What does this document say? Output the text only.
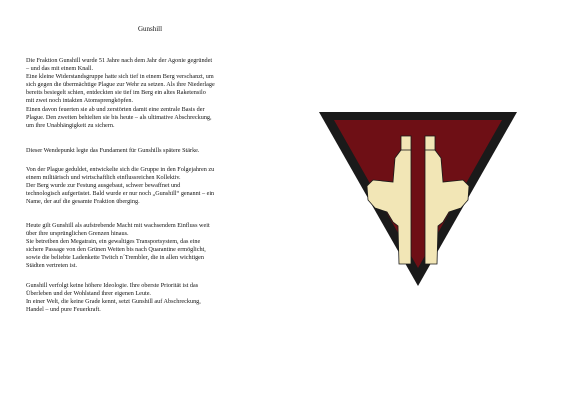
Gunshill
Die Fraktion Gunshill wurde 51 Jahre nach dem Jahr der Agonie gegründet
– und das mit einem Knall.
Eine kleine Widerstandsgruppe hatte sich tief in einem Berg verschanzt, um
sich gegen die übermächtige Plague zur Wehr zu setzen. Als ihre Niederlage
bereits besiegelt schien, entdeckten sie tief im Berg ein altes Raketensilo
mit zwei noch intakten Atomsprengköpfen.
Einen davon feuerten sie ab und zerstörten damit eine zentrale Basis der
Plague. Den zweiten behielten sie bis heute – als ultimative Abschreckung,
um ihre Unabhängigkeit zu sichern.
Dieser Wendepunkt legte das Fundament für Gunshills spätere Stärke.
Von der Plague geduldet, entwickelte sich die Gruppe in den Folgejahren zu
einem militärisch und wirtschaftlich einflussreichen Kollektiv.
Der Berg wurde zur Festung ausgebaut, schwer bewaffnet und
technologisch aufgerüstet. Bald wurde er nur noch „Gunshill“ genannt – ein
Name, der auf die gesamte Fraktion überging.
Heute gilt Gunshill als aufstrebende Macht mit wachsendem Einfluss weit
über ihre ursprünglichen Grenzen hinaus.
Sie betreiben den Megatrain, ein gewaltiges Transportsystem, das eine
sichere Passage von den Grünen Weiten bis nach Quarantine ermöglicht,
sowie die beliebte Ladenkette Twitch n´Trembler, die in allen wichtigen
Städten vertreten ist.
Gunshill verfolgt keine höhere Ideologie. Ihre oberste Priorität ist das
Überleben und der Wohlstand ihrer eigenen Leute.
In einer Welt, die keine Grade kennt, setzt Gunshill auf Abschreckung,
Handel – und pure Feuerkraft.
